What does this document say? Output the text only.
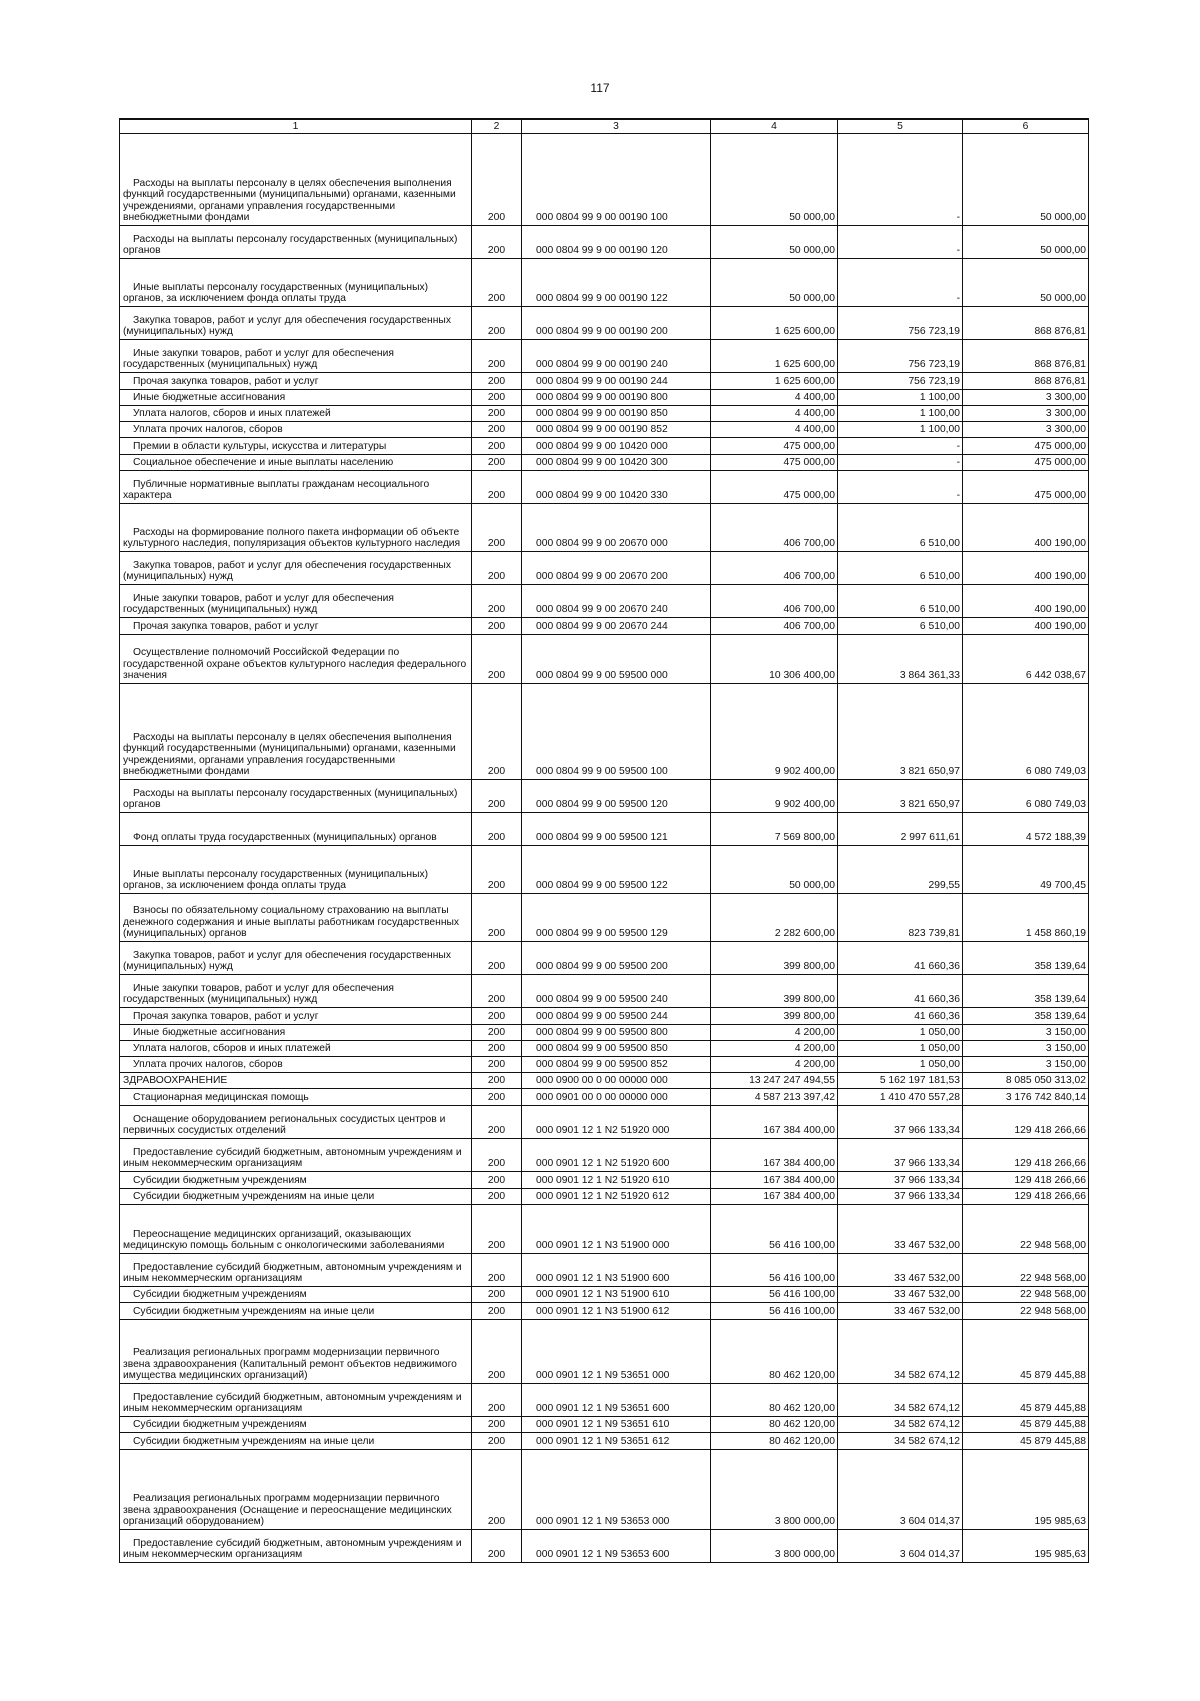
117
1	2	3	4	5	6
Расходы на выплаты персоналу в целях обеспечения выполнения функций государственными (муниципальными) органами, казенными учреждениями, органами управления государственными внебюджетными фондами	200	000 0804 99 9 00 00190 100	50 000,00	-	50 000,00
Расходы на выплаты персоналу государственных (муниципальных) органов	200	000 0804 99 9 00 00190 120	50 000,00	-	50 000,00
Иные выплаты персоналу государственных (муниципальных) органов, за исключением фонда оплаты труда	200	000 0804 99 9 00 00190 122	50 000,00	-	50 000,00
Закупка товаров, работ и услуг для обеспечения государственных (муниципальных) нужд	200	000 0804 99 9 00 00190 200	1 625 600,00	756 723,19	868 876,81
Иные закупки товаров, работ и услуг для обеспечения государственных (муниципальных) нужд	200	000 0804 99 9 00 00190 240	1 625 600,00	756 723,19	868 876,81
Прочая закупка товаров, работ и услуг	200	000 0804 99 9 00 00190 244	1 625 600,00	756 723,19	868 876,81
Иные бюджетные ассигнования	200	000 0804 99 9 00 00190 800	4 400,00	1 100,00	3 300,00
Уплата налогов, сборов и иных платежей	200	000 0804 99 9 00 00190 850	4 400,00	1 100,00	3 300,00
Уплата прочих налогов, сборов	200	000 0804 99 9 00 00190 852	4 400,00	1 100,00	3 300,00
Премии в области культуры, искусства и литературы	200	000 0804 99 9 00 10420 000	475 000,00	-	475 000,00
Социальное обеспечение и иные выплаты населению	200	000 0804 99 9 00 10420 300	475 000,00	-	475 000,00
Публичные нормативные выплаты гражданам несоциального характера	200	000 0804 99 9 00 10420 330	475 000,00	-	475 000,00
Расходы на формирование полного пакета информации об объекте культурного наследия, популяризация объектов культурного наследия	200	000 0804 99 9 00 20670 000	406 700,00	6 510,00	400 190,00
Закупка товаров, работ и услуг для обеспечения государственных (муниципальных) нужд	200	000 0804 99 9 00 20670 200	406 700,00	6 510,00	400 190,00
Иные закупки товаров, работ и услуг для обеспечения государственных (муниципальных) нужд	200	000 0804 99 9 00 20670 240	406 700,00	6 510,00	400 190,00
Прочая закупка товаров, работ и услуг	200	000 0804 99 9 00 20670 244	406 700,00	6 510,00	400 190,00
Осуществление полномочий Российской Федерации по государственной охране объектов культурного наследия федерального значения	200	000 0804 99 9 00 59500 000	10 306 400,00	3 864 361,33	6 442 038,67
Расходы на выплаты персоналу в целях обеспечения выполнения функций государственными (муниципальными) органами, казенными учреждениями, органами управления государственными внебюджетными фондами	200	000 0804 99 9 00 59500 100	9 902 400,00	3 821 650,97	6 080 749,03
Расходы на выплаты персоналу государственных (муниципальных) органов	200	000 0804 99 9 00 59500 120	9 902 400,00	3 821 650,97	6 080 749,03
Фонд оплаты труда государственных (муниципальных) органов	200	000 0804 99 9 00 59500 121	7 569 800,00	2 997 611,61	4 572 188,39
Иные выплаты персоналу государственных (муниципальных) органов, за исключением фонда оплаты труда	200	000 0804 99 9 00 59500 122	50 000,00	299,55	49 700,45
Взносы по обязательному социальному страхованию на выплаты денежного содержания и иные выплаты работникам государственных (муниципальных) органов	200	000 0804 99 9 00 59500 129	2 282 600,00	823 739,81	1 458 860,19
Закупка товаров, работ и услуг для обеспечения государственных (муниципальных) нужд	200	000 0804 99 9 00 59500 200	399 800,00	41 660,36	358 139,64
Иные закупки товаров, работ и услуг для обеспечения государственных (муниципальных) нужд	200	000 0804 99 9 00 59500 240	399 800,00	41 660,36	358 139,64
Прочая закупка товаров, работ и услуг	200	000 0804 99 9 00 59500 244	399 800,00	41 660,36	358 139,64
Иные бюджетные ассигнования	200	000 0804 99 9 00 59500 800	4 200,00	1 050,00	3 150,00
Уплата налогов, сборов и иных платежей	200	000 0804 99 9 00 59500 850	4 200,00	1 050,00	3 150,00
Уплата прочих налогов, сборов	200	000 0804 99 9 00 59500 852	4 200,00	1 050,00	3 150,00
ЗДРАВООХРАНЕНИЕ	200	000 0900 00 0 00 00000 000	13 247 247 494,55	5 162 197 181,53	8 085 050 313,02
Стационарная медицинская помощь	200	000 0901 00 0 00 00000 000	4 587 213 397,42	1 410 470 557,28	3 176 742 840,14
Оснащение оборудованием региональных сосудистых центров и первичных сосудистых отделений	200	000 0901 12 1 N2 51920 000	167 384 400,00	37 966 133,34	129 418 266,66
Предоставление субсидий бюджетным, автономным учреждениям и иным некоммерческим организациям	200	000 0901 12 1 N2 51920 600	167 384 400,00	37 966 133,34	129 418 266,66
Субсидии бюджетным учреждениям	200	000 0901 12 1 N2 51920 610	167 384 400,00	37 966 133,34	129 418 266,66
Субсидии бюджетным учреждениям на иные цели	200	000 0901 12 1 N2 51920 612	167 384 400,00	37 966 133,34	129 418 266,66
Переоснащение медицинских организаций, оказывающих медицинскую помощь больным с онкологическими заболеваниями	200	000 0901 12 1 N3 51900 000	56 416 100,00	33 467 532,00	22 948 568,00
Предоставление субсидий бюджетным, автономным учреждениям и иным некоммерческим организациям	200	000 0901 12 1 N3 51900 600	56 416 100,00	33 467 532,00	22 948 568,00
Субсидии бюджетным учреждениям	200	000 0901 12 1 N3 51900 610	56 416 100,00	33 467 532,00	22 948 568,00
Субсидии бюджетным учреждениям на иные цели	200	000 0901 12 1 N3 51900 612	56 416 100,00	33 467 532,00	22 948 568,00
Реализация региональных программ модернизации первичного звена здравоохранения (Капитальный ремонт объектов недвижимого имущества медицинских организаций)	200	000 0901 12 1 N9 53651 000	80 462 120,00	34 582 674,12	45 879 445,88
Предоставление субсидий бюджетным, автономным учреждениям и иным некоммерческим организациям	200	000 0901 12 1 N9 53651 600	80 462 120,00	34 582 674,12	45 879 445,88
Субсидии бюджетным учреждениям	200	000 0901 12 1 N9 53651 610	80 462 120,00	34 582 674,12	45 879 445,88
Субсидии бюджетным учреждениям на иные цели	200	000 0901 12 1 N9 53651 612	80 462 120,00	34 582 674,12	45 879 445,88
Реализация региональных программ модернизации первичного звена здравоохранения (Оснащение и переоснащение медицинских организаций оборудованием)	200	000 0901 12 1 N9 53653 000	3 800 000,00	3 604 014,37	195 985,63
Предоставление субсидий бюджетным, автономным учреждениям и иным некоммерческим организациям	200	000 0901 12 1 N9 53653 600	3 800 000,00	3 604 014,37	195 985,63
